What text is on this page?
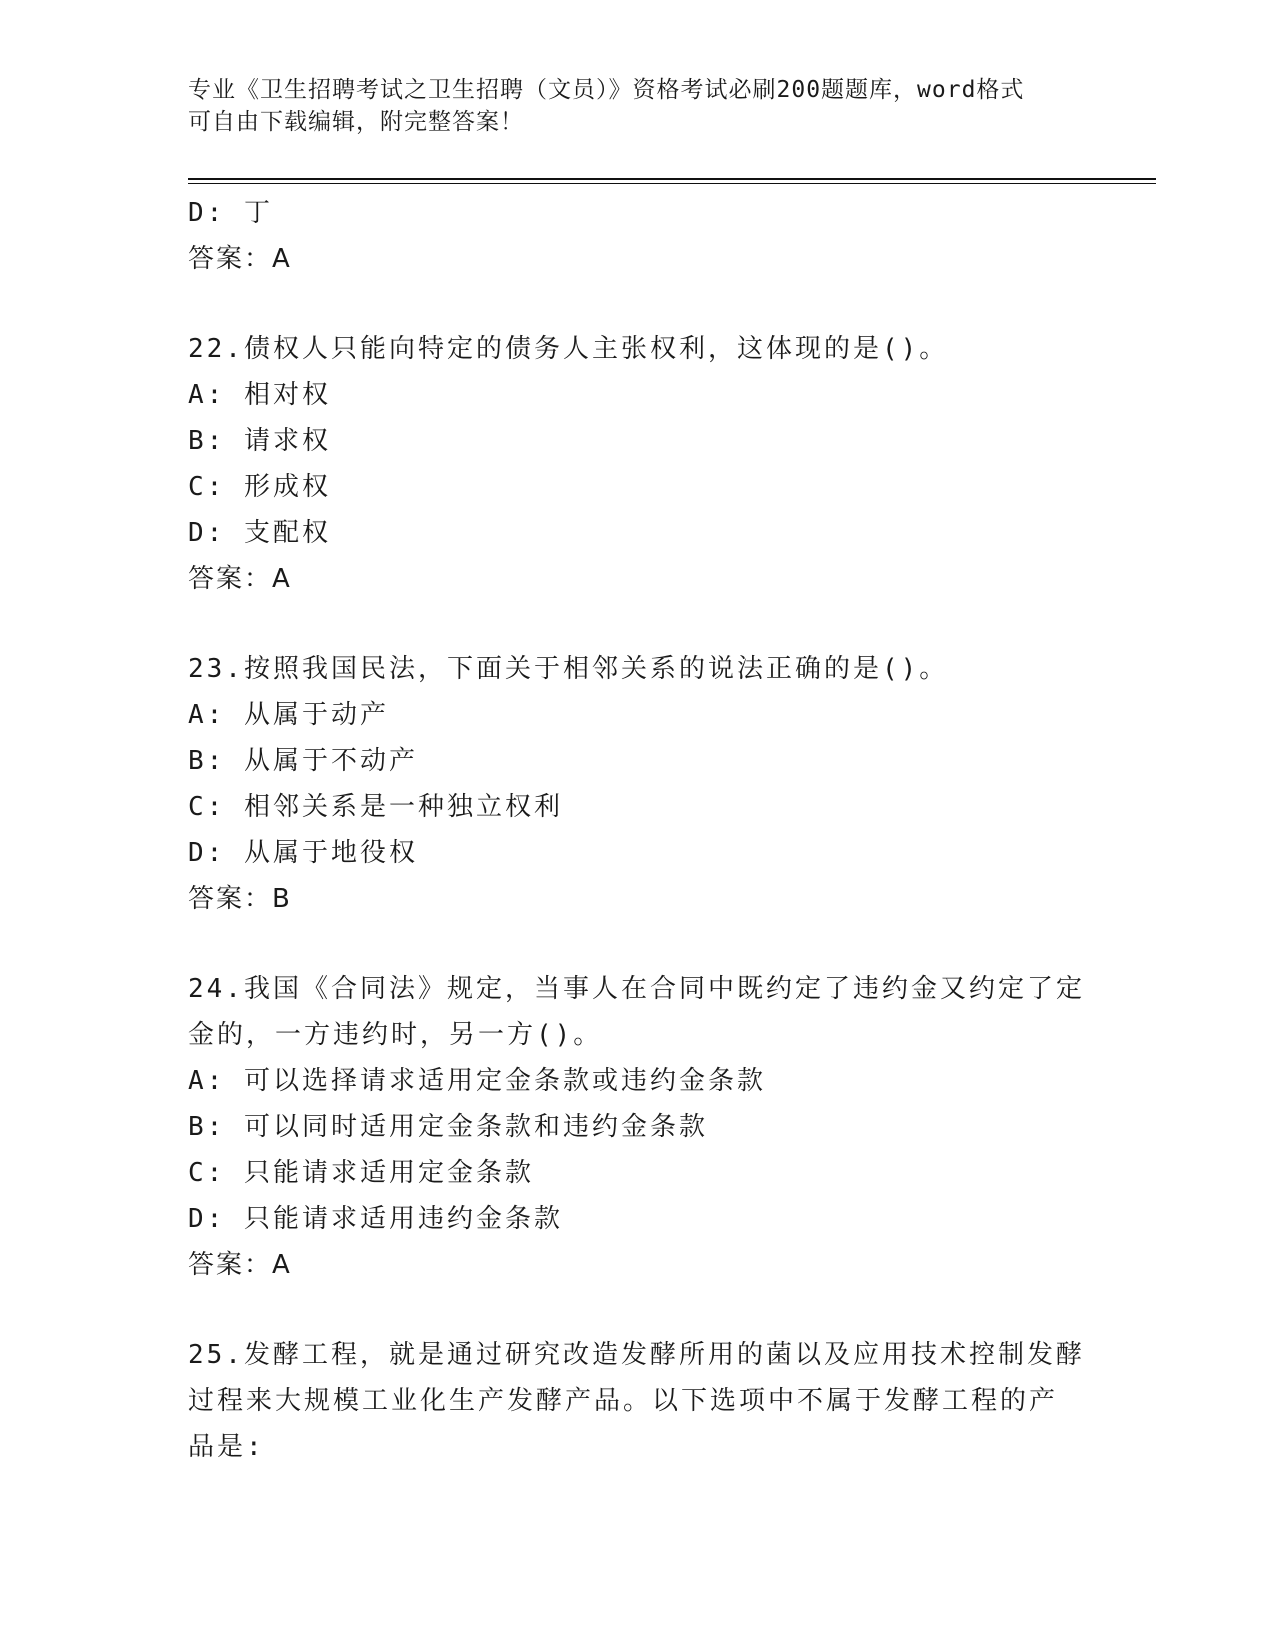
专业《卫生招聘考试之卫生招聘（文员）》资格考试必刷200题题库，word格式
可自由下载编辑，附完整答案！
D: 丁
答案：A
22.债权人只能向特定的债务人主张权利，这体现的是()。
A: 相对权
B: 请求权
C: 形成权
D: 支配权
答案：A
23.按照我国民法，下面关于相邻关系的说法正确的是()。
A: 从属于动产
B: 从属于不动产
C: 相邻关系是一种独立权利
D: 从属于地役权
答案：B
24.我国《合同法》规定，当事人在合同中既约定了违约金又约定了定
金的，一方违约时，另一方()。
A: 可以选择请求适用定金条款或违约金条款
B: 可以同时适用定金条款和违约金条款
C: 只能请求适用定金条款
D: 只能请求适用违约金条款
答案：A
25.发酵工程，就是通过研究改造发酵所用的菌以及应用技术控制发酵
过程来大规模工业化生产发酵产品。以下选项中不属于发酵工程的产
品是:
